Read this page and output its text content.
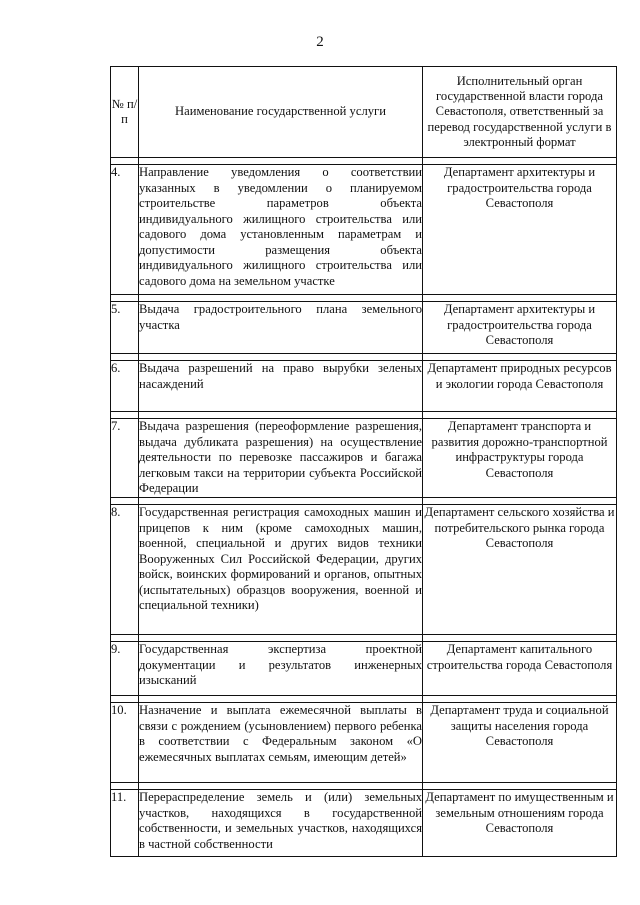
2
№ п/п	Наименование государственной услуги	Исполнительный орган государственной власти города Севастополя, ответственный за перевод государственной услуги в электронный формат

4.	Направление уведомления о соответствии указанных в уведомлении о планируемом строительстве параметров объекта индивидуального жилищного строительства или садового дома установленным параметрам и допустимости размещения объекта индивидуального жилищного строительства или садового дома на земельном участке	Департамент архитектуры и градостроительства города Севастополя

5.	Выдача градостроительного плана земельного участка	Департамент архитектуры и градостроительства города Севастополя

6.	Выдача разрешений на право вырубки зеленых насаждений	Департамент природных ресурсов и экологии города Севастополя

7.	Выдача разрешения (переоформление разрешения, выдача дубликата разрешения) на осуществление деятельности по перевозке пассажиров и багажа легковым такси на территории субъекта Российской Федерации	Департамент транспорта и развития дорожно-транспортной инфраструктуры города Севастополя

8.	Государственная регистрация самоходных машин и прицепов к ним (кроме самоходных машин, военной, специальной и других видов техники Вооруженных Сил Российской Федерации, других войск, воинских формирований и органов, опытных (испытательных) образцов вооружения, военной и специальной техники)	Департамент сельского хозяйства и потребительского рынка города Севастополя

9.	Государственная экспертиза проектной документации и результатов инженерных изысканий	Департамент капитального строительства города Севастополя

10.	Назначение и выплата ежемесячной выплаты в связи с рождением (усыновлением) первого ребенка в соответствии с Федеральным законом «О ежемесячных выплатах семьям, имеющим детей»	Департамент труда и социальной защиты населения города Севастополя

11.	Перераспределение земель и (или) земельных участков, находящихся в государственной собственности, и земельных участков, находящихся в частной собственности	Департамент по имущественным и земельным отношениям города Севастополя
